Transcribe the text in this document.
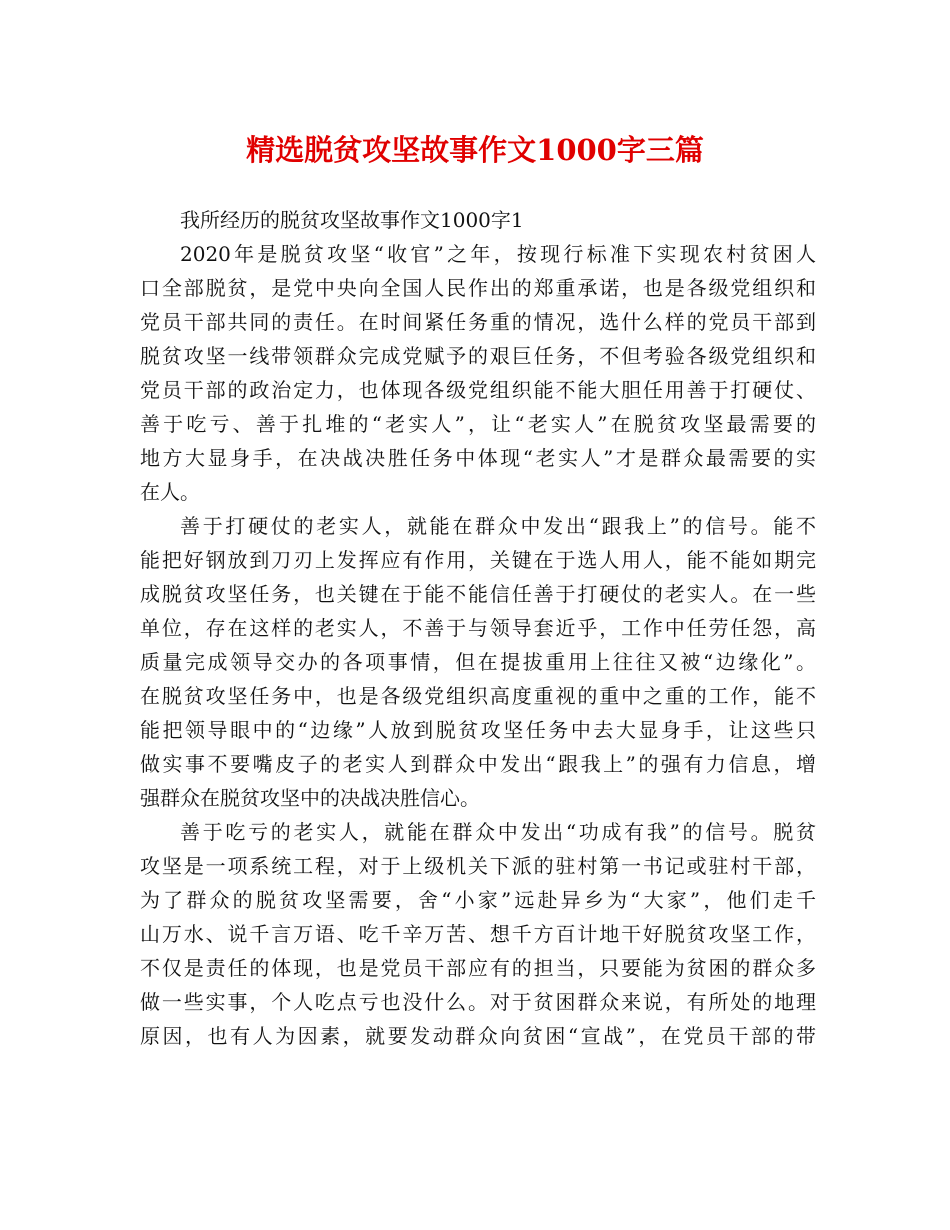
精选脱贫攻坚故事作文1000字三篇
我所经历的脱贫攻坚故事作文1000字1
2020年是脱贫攻坚“收官”之年，按现行标准下实现农村贫困人
口全部脱贫，是党中央向全国人民作出的郑重承诺，也是各级党组织和
党员干部共同的责任。在时间紧任务重的情况，选什么样的党员干部到
脱贫攻坚一线带领群众完成党赋予的艰巨任务，不但考验各级党组织和
党员干部的政治定力，也体现各级党组织能不能大胆任用善于打硬仗、
善于吃亏、善于扎堆的“老实人”，让“老实人”在脱贫攻坚最需要的
地方大显身手，在决战决胜任务中体现“老实人”才是群众最需要的实
在人。
善于打硬仗的老实人，就能在群众中发出“跟我上”的信号。能不
能把好钢放到刀刃上发挥应有作用，关键在于选人用人，能不能如期完
成脱贫攻坚任务，也关键在于能不能信任善于打硬仗的老实人。在一些
单位，存在这样的老实人，不善于与领导套近乎，工作中任劳任怨，高
质量完成领导交办的各项事情，但在提拔重用上往往又被“边缘化”。
在脱贫攻坚任务中，也是各级党组织高度重视的重中之重的工作，能不
能把领导眼中的“边缘”人放到脱贫攻坚任务中去大显身手，让这些只
做实事不要嘴皮子的老实人到群众中发出“跟我上”的强有力信息，增
强群众在脱贫攻坚中的决战决胜信心。
善于吃亏的老实人，就能在群众中发出“功成有我”的信号。脱贫
攻坚是一项系统工程，对于上级机关下派的驻村第一书记或驻村干部，
为了群众的脱贫攻坚需要，舍“小家”远赴异乡为“大家”，他们走千
山万水、说千言万语、吃千辛万苦、想千方百计地干好脱贫攻坚工作，
不仅是责任的体现，也是党员干部应有的担当，只要能为贫困的群众多
做一些实事，个人吃点亏也没什么。对于贫困群众来说，有所处的地理
原因，也有人为因素，就要发动群众向贫困“宣战”，在党员干部的带
